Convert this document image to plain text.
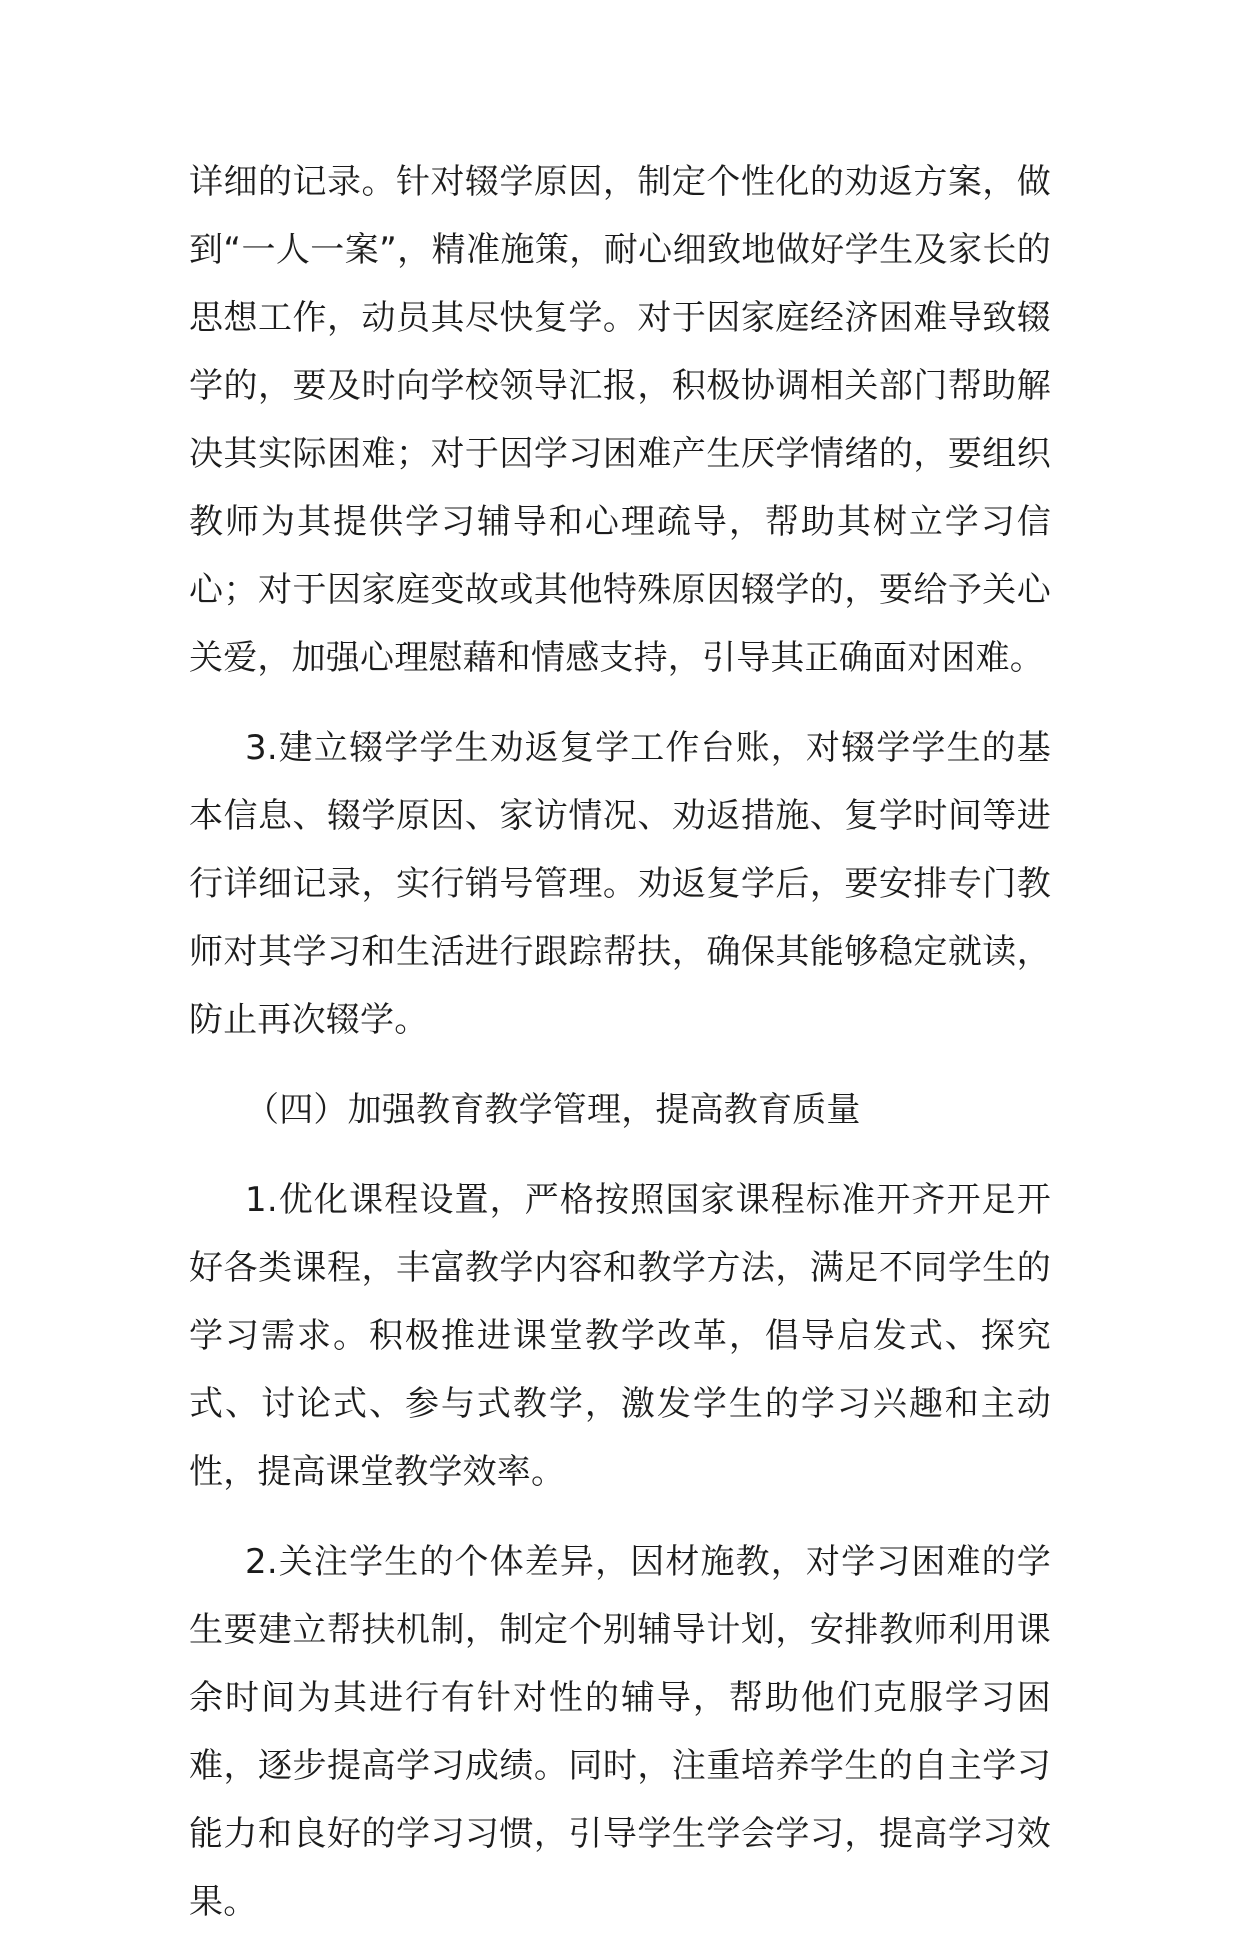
详细的记录。针对辍学原因，制定个性化的劝返方案，做到“一人一案”，精准施策，耐心细致地做好学生及家长的思想工作，动员其尽快复学。对于因家庭经济困难导致辍学的，要及时向学校领导汇报，积极协调相关部门帮助解决其实际困难；对于因学习困难产生厌学情绪的，要组织教师为其提供学习辅导和心理疏导，帮助其树立学习信心；对于因家庭变故或其他特殊原因辍学的，要给予关心关爱，加强心理慰藉和情感支持，引导其正确面对困难。

3.建立辍学学生劝返复学工作台账，对辍学学生的基本信息、辍学原因、家访情况、劝返措施、复学时间等进行详细记录，实行销号管理。劝返复学后，要安排专门教师对其学习和生活进行跟踪帮扶，确保其能够稳定就读，防止再次辍学。

（四）加强教育教学管理，提高教育质量

1.优化课程设置，严格按照国家课程标准开齐开足开好各类课程，丰富教学内容和教学方法，满足不同学生的学习需求。积极推进课堂教学改革，倡导启发式、探究式、讨论式、参与式教学，激发学生的学习兴趣和主动性，提高课堂教学效率。

2.关注学生的个体差异，因材施教，对学习困难的学生要建立帮扶机制，制定个别辅导计划，安排教师利用课余时间为其进行有针对性的辅导，帮助他们克服学习困难，逐步提高学习成绩。同时，注重培养学生的自主学习能力和良好的学习习惯，引导学生学会学习，提高学习效果。
